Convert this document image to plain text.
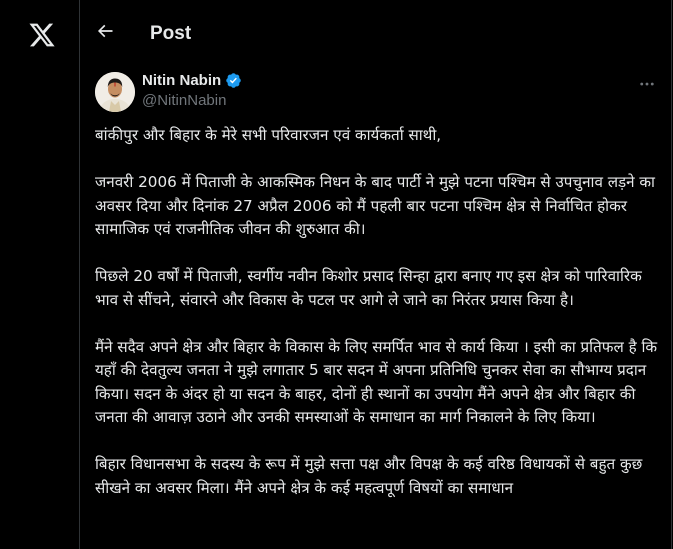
Post
Nitin Nabin
@NitinNabin

बांकीपुर और बिहार के मेरे सभी परिवारजन एवं कार्यकर्ता साथी,

जनवरी 2006 में पिताजी के आकस्मिक निधन के बाद पार्टी ने मुझे पटना पश्चिम से उपचुनाव लड़ने का अवसर दिया और दिनांक 27 अप्रैल 2006 को मैं पहली बार पटना पश्चिम क्षेत्र से निर्वाचित होकर सामाजिक एवं राजनीतिक जीवन की शुरुआत की।

पिछले 20 वर्षों में पिताजी, स्वर्गीय नवीन किशोर प्रसाद सिन्हा द्वारा बनाए गए इस क्षेत्र को पारिवारिक भाव से सींचने, संवारने और विकास के पटल पर आगे ले जाने का निरंतर प्रयास किया है।

मैंने सदैव अपने क्षेत्र और बिहार के विकास के लिए समर्पित भाव से कार्य किया । इसी का प्रतिफल है कि यहाँ की देवतुल्य जनता ने मुझे लगातार 5 बार सदन में अपना प्रतिनिधि चुनकर सेवा का सौभाग्य प्रदान किया। सदन के अंदर हो या सदन के बाहर, दोनों ही स्थानों का उपयोग मैंने अपने क्षेत्र और बिहार की जनता की आवाज़ उठाने और उनकी समस्याओं के समाधान का मार्ग निकालने के लिए किया।

बिहार विधानसभा के सदस्य के रूप में मुझे सत्ता पक्ष और विपक्ष के कई वरिष्ठ विधायकों से बहुत कुछ सीखने का अवसर मिला। मैंने अपने क्षेत्र के कई महत्वपूर्ण विषयों का समाधान
